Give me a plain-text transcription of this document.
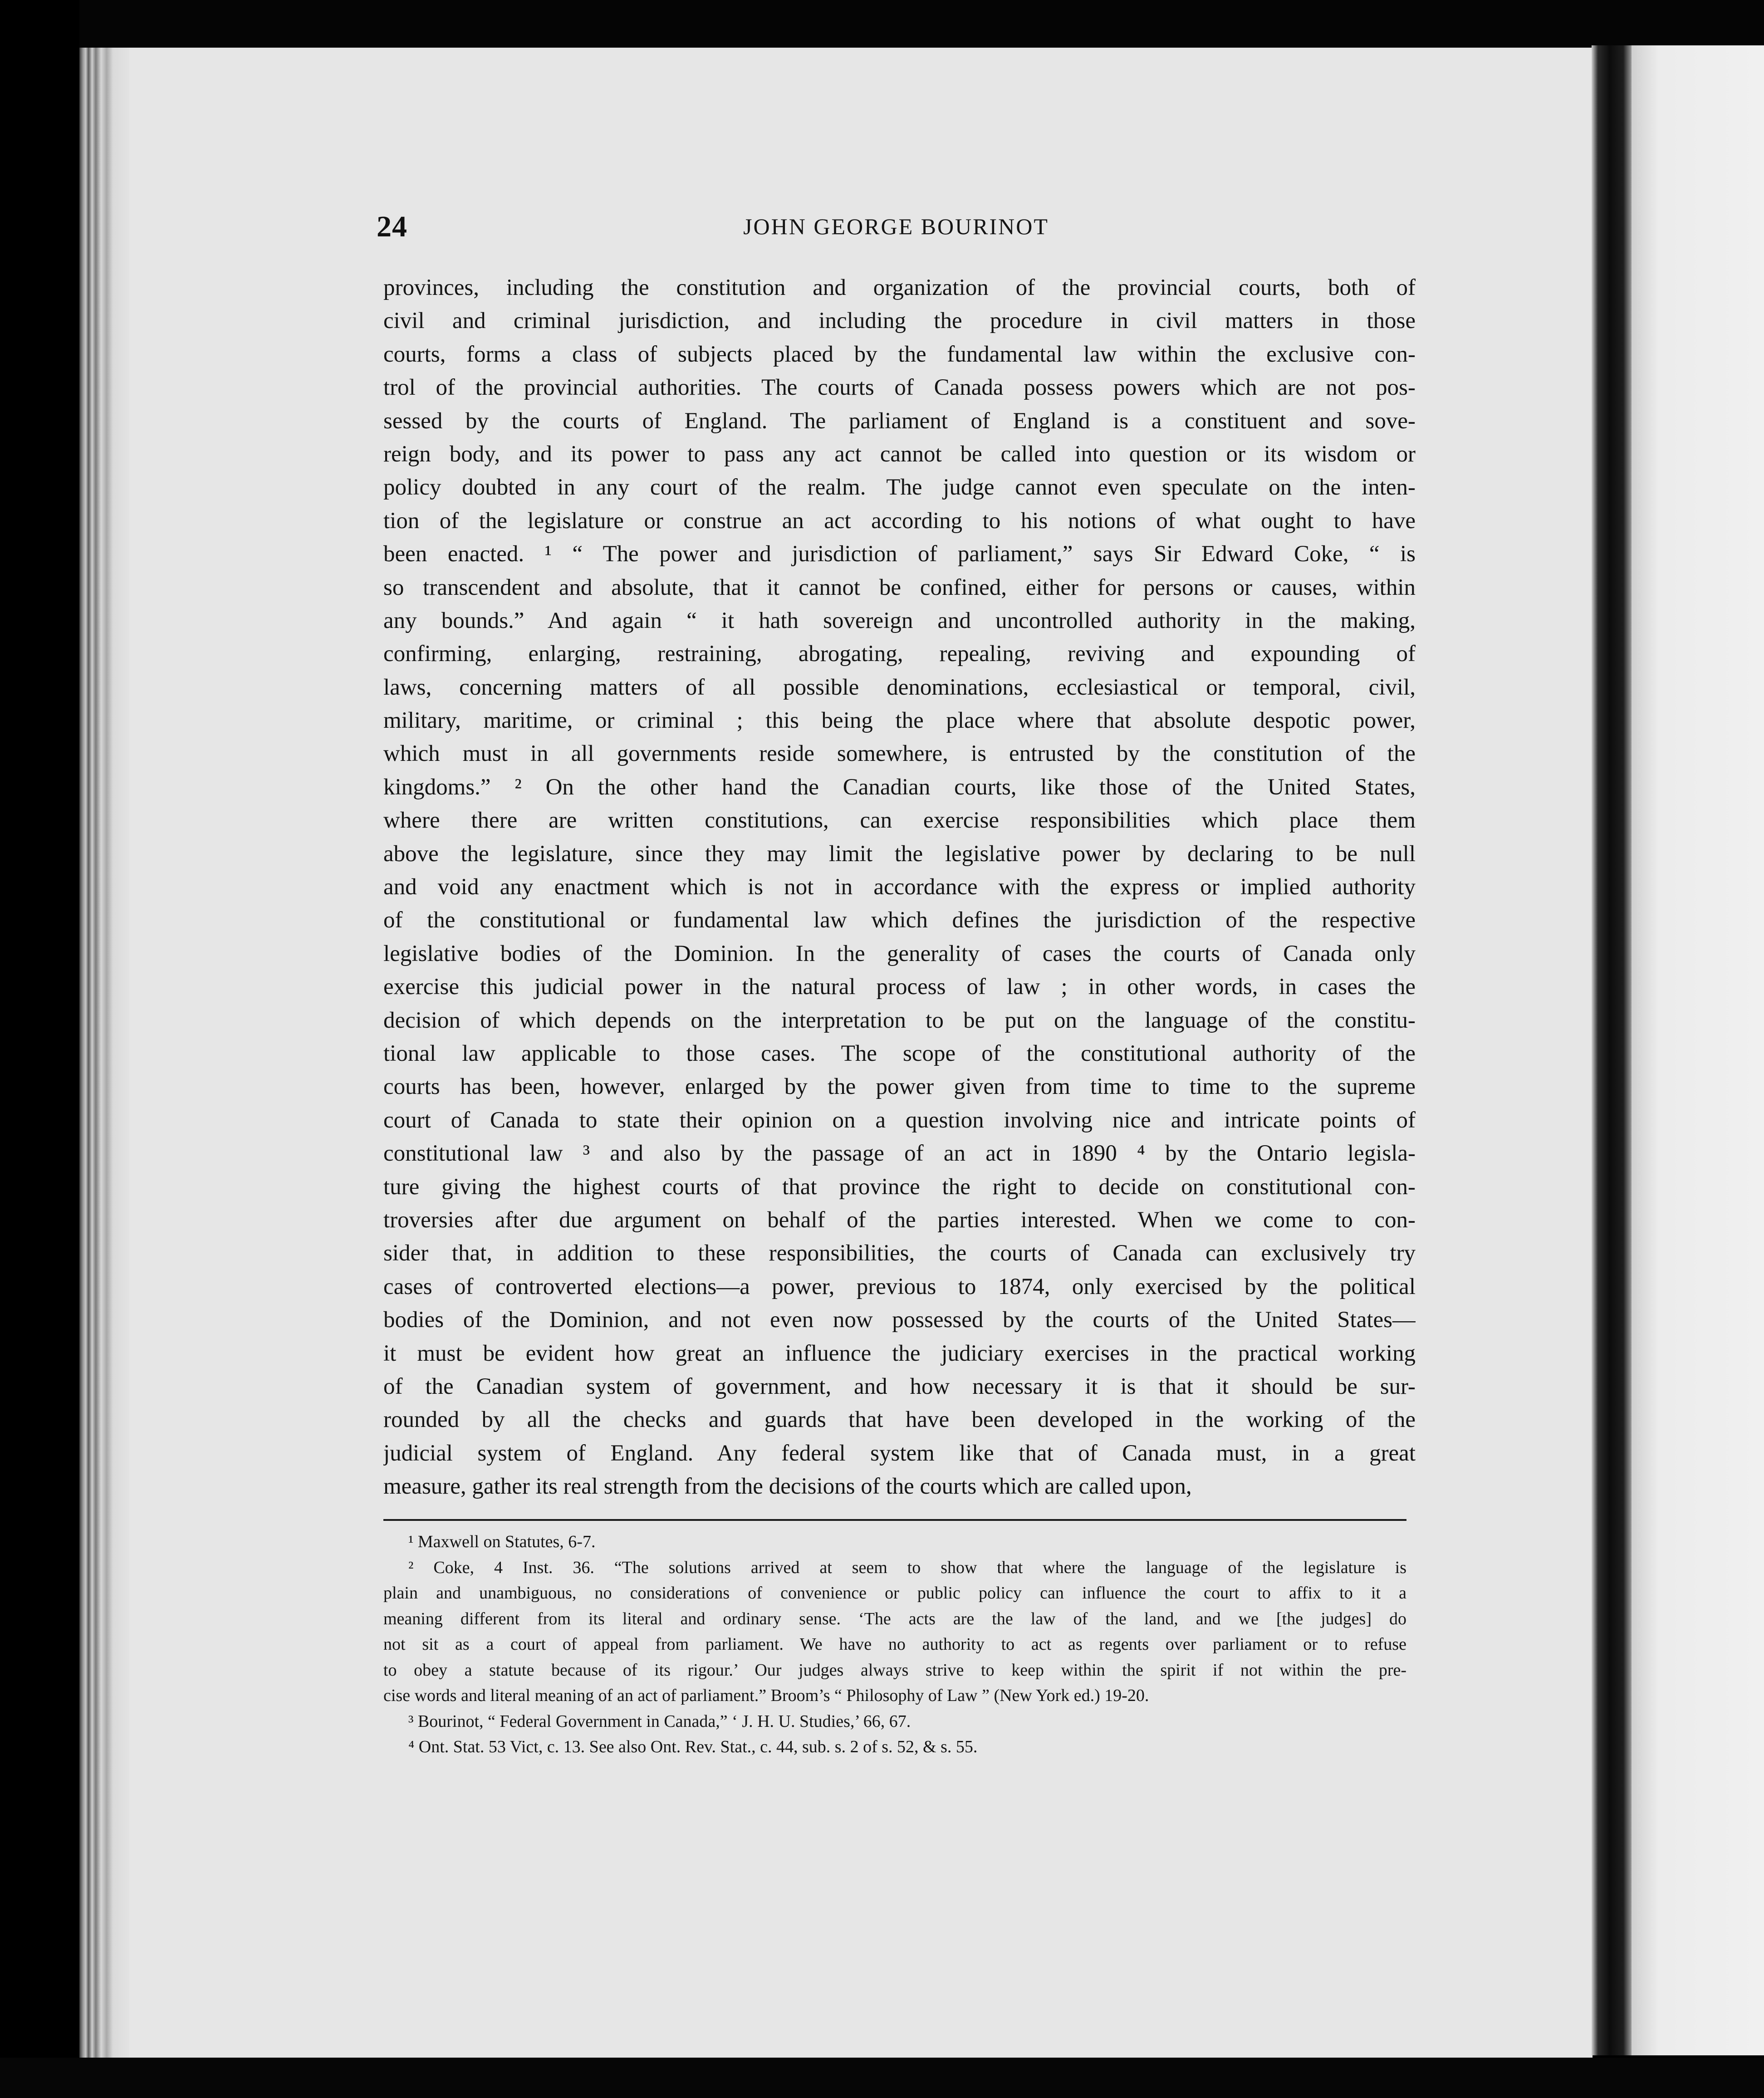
24	JOHN GEORGE BOURINOT
provinces, including the constitution and organization of the provincial courts, both of
civil and criminal jurisdiction, and including the procedure in civil matters in those
courts, forms a class of subjects placed by the fundamental law within the exclusive con-
trol of the provincial authorities. The courts of Canada possess powers which are not pos-
sessed by the courts of England. The parliament of England is a constituent and sove-
reign body, and its power to pass any act cannot be called into question or its wisdom or
policy doubted in any court of the realm. The judge cannot even speculate on the inten-
tion of the legislature or construe an act according to his notions of what ought to have
been enacted. ¹ “ The power and jurisdiction of parliament,” says Sir Edward Coke, “ is
so transcendent and absolute, that it cannot be confined, either for persons or causes, within
any bounds.” And again “ it hath sovereign and uncontrolled authority in the making,
confirming, enlarging, restraining, abrogating, repealing, reviving and expounding of
laws, concerning matters of all possible denominations, ecclesiastical or temporal, civil,
military, maritime, or criminal ; this being the place where that absolute despotic power,
which must in all governments reside somewhere, is entrusted by the constitution of the
kingdoms.” ² On the other hand the Canadian courts, like those of the United States,
where there are written constitutions, can exercise responsibilities which place them
above the legislature, since they may limit the legislative power by declaring to be null
and void any enactment which is not in accordance with the express or implied authority
of the constitutional or fundamental law which defines the jurisdiction of the respective
legislative bodies of the Dominion. In the generality of cases the courts of Canada only
exercise this judicial power in the natural process of law ; in other words, in cases the
decision of which depends on the interpretation to be put on the language of the constitu-
tional law applicable to those cases. The scope of the constitutional authority of the
courts has been, however, enlarged by the power given from time to time to the supreme
court of Canada to state their opinion on a question involving nice and intricate points of
constitutional law ³ and also by the passage of an act in 1890 ⁴ by the Ontario legisla-
ture giving the highest courts of that province the right to decide on constitutional con-
troversies after due argument on behalf of the parties interested. When we come to con-
sider that, in addition to these responsibilities, the courts of Canada can exclusively try
cases of controverted elections—a power, previous to 1874, only exercised by the political
bodies of the Dominion, and not even now possessed by the courts of the United States—
it must be evident how great an influence the judiciary exercises in the practical working
of the Canadian system of government, and how necessary it is that it should be sur-
rounded by all the checks and guards that have been developed in the working of the
judicial system of England. Any federal system like that of Canada must, in a great
measure, gather its real strength from the decisions of the courts which are called upon,
¹ Maxwell on Statutes, 6-7.
² Coke, 4 Inst. 36. “The solutions arrived at seem to show that where the language of the legislature is
plain and unambiguous, no considerations of convenience or public policy can influence the court to affix to it a
meaning different from its literal and ordinary sense. ‘The acts are the law of the land, and we [the judges] do
not sit as a court of appeal from parliament. We have no authority to act as regents over parliament or to refuse
to obey a statute because of its rigour.’ Our judges always strive to keep within the spirit if not within the pre-
cise words and literal meaning of an act of parliament.” Broom’s “ Philosophy of Law ” (New York ed.) 19-20.
³ Bourinot, “ Federal Government in Canada,” ‘ J. H. U. Studies,’ 66, 67.
⁴ Ont. Stat. 53 Vict, c. 13. See also Ont. Rev. Stat., c. 44, sub. s. 2 of s. 52, & s. 55.
